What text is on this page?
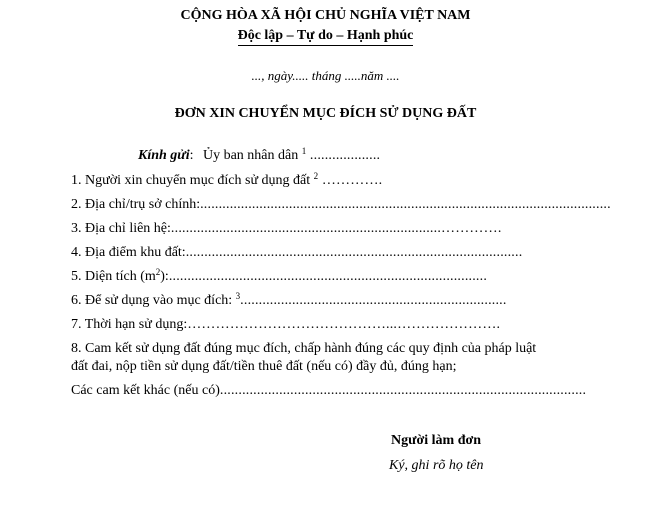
CỘNG HÒA XÃ HỘI CHỦ NGHĨA VIỆT NAM
Độc lập – Tự do – Hạnh phúc
..., ngày..... tháng .....năm ....
ĐƠN XIN CHUYỂN MỤC ĐÍCH SỬ DỤNG ĐẤT
Kính gửi: Ủy ban nhân dân $^1$ ...................
1. Người xin chuyển mục đích sử dụng đất $^2$ ………….
2. Địa chỉ/trụ sở chính:...............................................................................................................
3. Địa chỉ liên hệ:.........................................................................………….
4. Địa điểm khu đất:...........................................................................................
5. Diện tích $(m^2)$:......................................................................................
6. Để sử dụng vào mục đích: $^3$........................................................................
7. Thời hạn sử dụng:……………………………………...………………….
8. Cam kết sử dụng đất đúng mục đích, chấp hành đúng các quy định của pháp luật
đất đai, nộp tiền sử dụng đất/tiền thuê đất (nếu có) đầy đủ, đúng hạn;
Các cam kết khác (nếu có)...................................................................................................
Người làm đơn
Ký, ghi rõ họ tên
